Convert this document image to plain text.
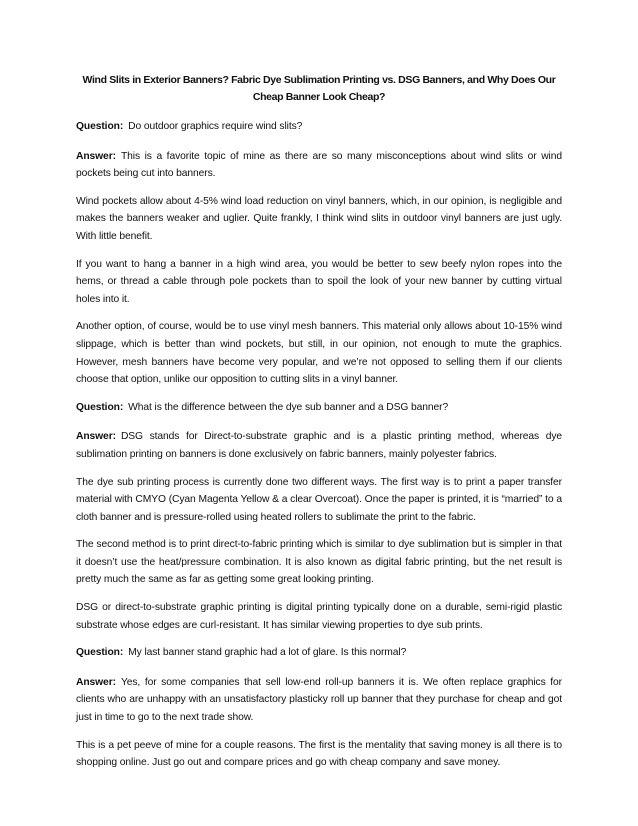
Wind Slits in Exterior Banners? Fabric Dye Sublimation Printing vs. DSG Banners, and Why Does Our Cheap Banner Look Cheap?

Question: Do outdoor graphics require wind slits?

Answer: This is a favorite topic of mine as there are so many misconceptions about wind slits or wind pockets being cut into banners.

Wind pockets allow about 4-5% wind load reduction on vinyl banners, which, in our opinion, is negligible and makes the banners weaker and uglier. Quite frankly, I think wind slits in outdoor vinyl banners are just ugly. With little benefit.

If you want to hang a banner in a high wind area, you would be better to sew beefy nylon ropes into the hems, or thread a cable through pole pockets than to spoil the look of your new banner by cutting virtual holes into it.

Another option, of course, would be to use vinyl mesh banners. This material only allows about 10-15% wind slippage, which is better than wind pockets, but still, in our opinion, not enough to mute the graphics. However, mesh banners have become very popular, and we’re not opposed to selling them if our clients choose that option, unlike our opposition to cutting slits in a vinyl banner.

Question: What is the difference between the dye sub banner and a DSG banner?

Answer: DSG stands for Direct-to-substrate graphic and is a plastic printing method, whereas dye sublimation printing on banners is done exclusively on fabric banners, mainly polyester fabrics.

The dye sub printing process is currently done two different ways. The first way is to print a paper transfer material with CMYO (Cyan Magenta Yellow & a clear Overcoat). Once the paper is printed, it is “married” to a cloth banner and is pressure-rolled using heated rollers to sublimate the print to the fabric.

The second method is to print direct-to-fabric printing which is similar to dye sublimation but is simpler in that it doesn’t use the heat/pressure combination. It is also known as digital fabric printing, but the net result is pretty much the same as far as getting some great looking printing.

DSG or direct-to-substrate graphic printing is digital printing typically done on a durable, semi-rigid plastic substrate whose edges are curl-resistant. It has similar viewing properties to dye sub prints.

Question: My last banner stand graphic had a lot of glare. Is this normal?

Answer: Yes, for some companies that sell low-end roll-up banners it is. We often replace graphics for clients who are unhappy with an unsatisfactory plasticky roll up banner that they purchase for cheap and got just in time to go to the next trade show.

This is a pet peeve of mine for a couple reasons. The first is the mentality that saving money is all there is to shopping online. Just go out and compare prices and go with cheap company and save money.
